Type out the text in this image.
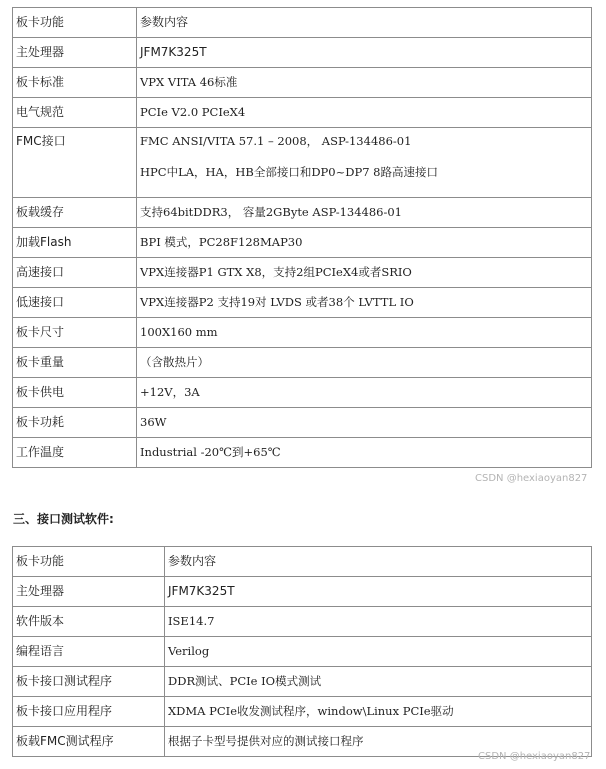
板卡功能	参数内容
主处理器	JFM7K325T
板卡标准	VPX VITA 46标准
电气规范	PCIe V2.0 PCIeX4
FMC接口	FMC ANSI/VITA 57.1 – 2008， ASP-134486-01
HPC中LA，HA，HB全部接口和DP0~DP7 8路高速接口

板载缓存	支持64bitDDR3， 容量2GByte ASP-134486-01
加载Flash	BPI 模式，PC28F128MAP30
高速接口	VPX连接器P1 GTX X8，支持2组PCIeX4或者SRIO
低速接口	VPX连接器P2 支持19对 LVDS 或者38个 LVTTL IO
板卡尺寸	100X160 mm
板卡重量	（含散热片）
板卡供电	+12V，3A
板卡功耗	36W
工作温度	Industrial -20℃到+65℃
CSDN @hexiaoyan827
三、接口测试软件:
板卡功能	参数内容
主处理器	JFM7K325T
软件版本	ISE14.7
编程语言	Verilog
板卡接口测试程序	DDR测试、PCIe IO模式测试
板卡接口应用程序	XDMA PCIe收发测试程序，window\Linux PCIe驱动
板载FMC测试程序	根据子卡型号提供对应的测试接口程序
CSDN @hexiaoyan827
